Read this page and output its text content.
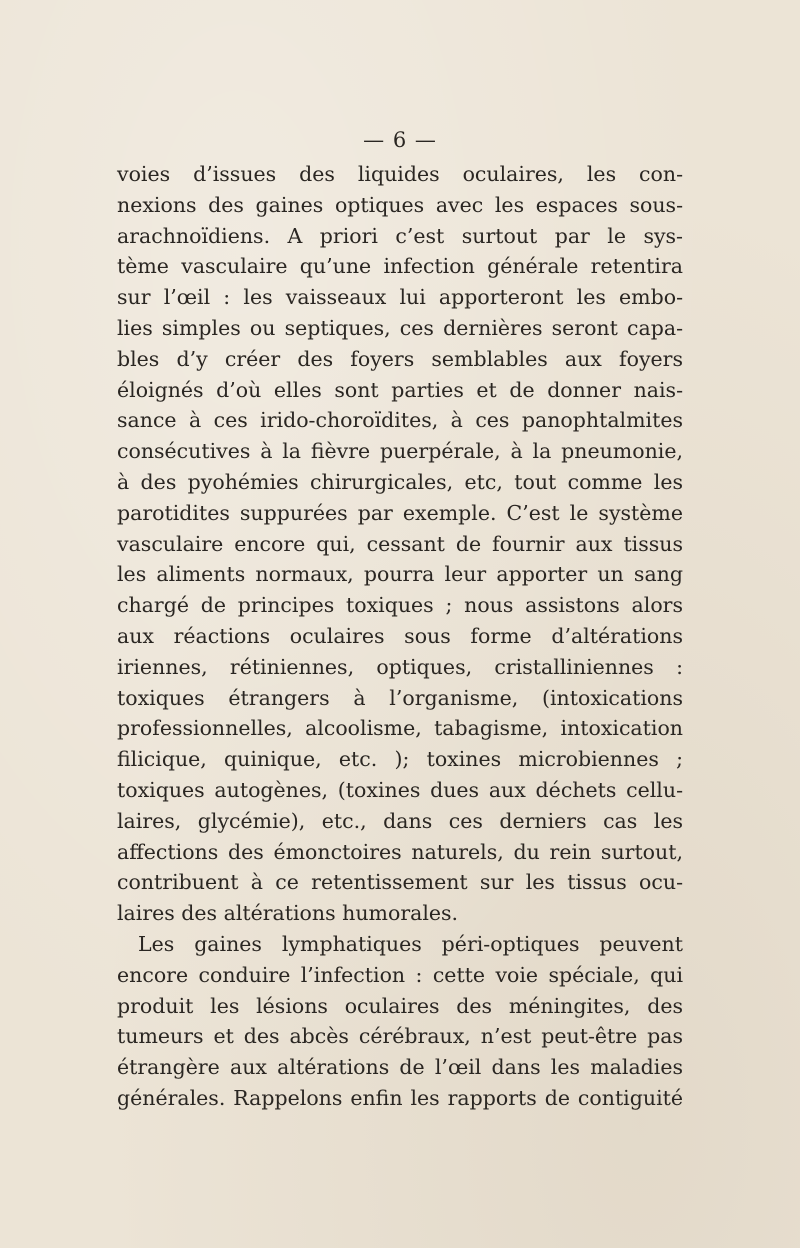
— 6 —
voies d’issues des liquides oculaires, les con-
nexions des gaines optiques avec les espaces sous-
arachnoïdiens. A priori c’est surtout par le sys-
tème vasculaire qu’une infection générale retentira
sur l’œil : les vaisseaux lui apporteront les embo-
lies simples ou septiques, ces dernières seront capa-
bles d’y créer des foyers semblables aux foyers
éloignés d’où elles sont parties et de donner nais-
sance à ces irido-choroïdites, à ces panophtalmites
consécutives à la fièvre puerpérale, à la pneumonie,
à des pyohémies chirurgicales, etc, tout comme les
parotidites suppurées par exemple. C’est le système
vasculaire encore qui, cessant de fournir aux tissus
les aliments normaux, pourra leur apporter un sang
chargé de principes toxiques ; nous assistons alors
aux réactions oculaires sous forme d’altérations
iriennes, rétiniennes, optiques, cristalliniennes :
toxiques étrangers à l’organisme, (intoxications
professionnelles, alcoolisme, tabagisme, intoxication
filicique, quinique, etc. ); toxines microbiennes ;
toxiques autogènes, (toxines dues aux déchets cellu-
laires, glycémie), etc., dans ces derniers cas les
affections des émonctoires naturels, du rein surtout,
contribuent à ce retentissement sur les tissus ocu-
laires des altérations humorales.
Les gaines lymphatiques péri-optiques peuvent
encore conduire l’infection : cette voie spéciale, qui
produit les lésions oculaires des méningites, des
tumeurs et des abcès cérébraux, n’est peut-être pas
étrangère aux altérations de l’œil dans les maladies
générales. Rappelons enfin les rapports de contiguité
